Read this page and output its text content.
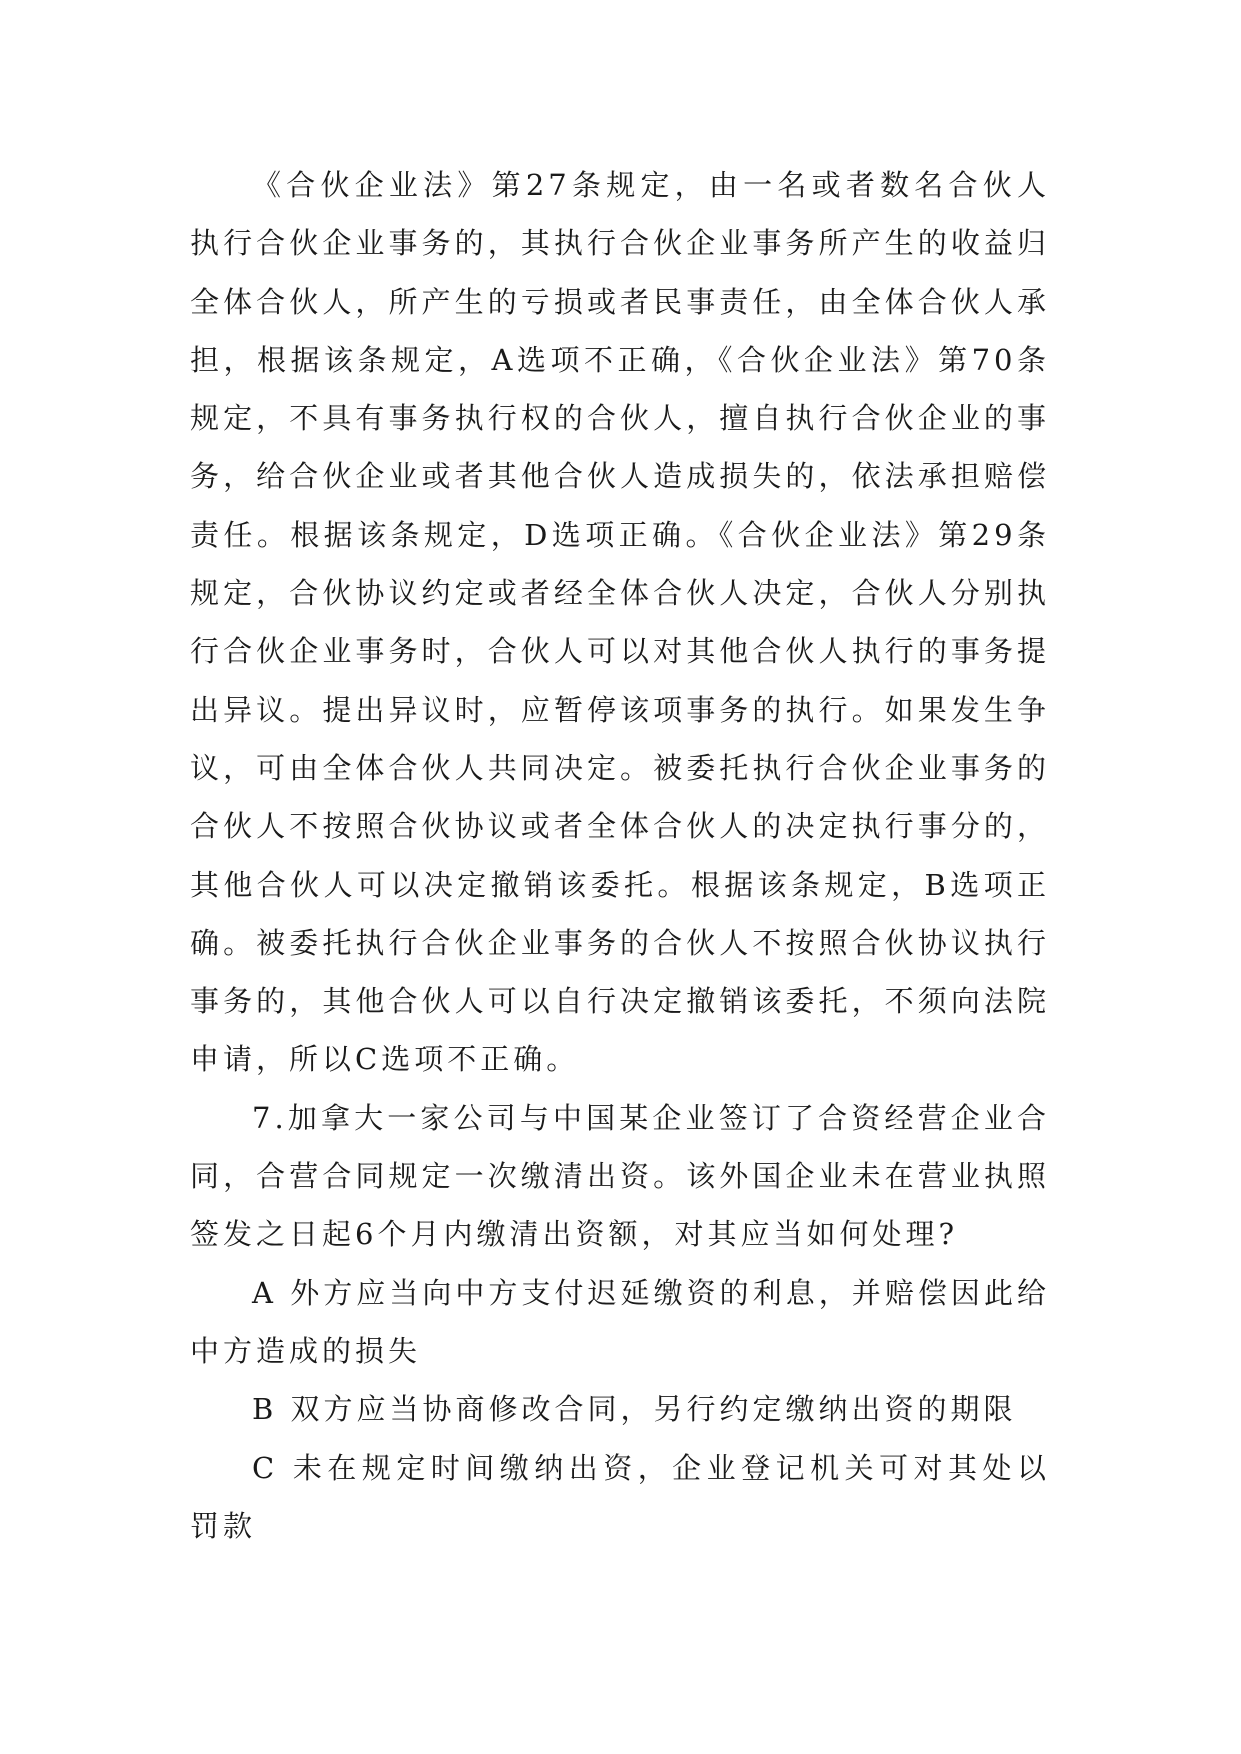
《合伙企业法》第27条规定，由一名或者数名合伙人执行合伙企业事务的，其执行合伙企业事务所产生的收益归全体合伙人，所产生的亏损或者民事责任，由全体合伙人承担，根据该条规定，A选项不正确，《合伙企业法》第70条规定，不具有事务执行权的合伙人，擅自执行合伙企业的事务，给合伙企业或者其他合伙人造成损失的，依法承担赔偿责任。根据该条规定，D选项正确。《合伙企业法》第29条规定，合伙协议约定或者经全体合伙人决定，合伙人分别执行合伙企业事务时，合伙人可以对其他合伙人执行的事务提出异议。提出异议时，应暂停该项事务的执行。如果发生争议，可由全体合伙人共同决定。被委托执行合伙企业事务的合伙人不按照合伙协议或者全体合伙人的决定执行事分的，其他合伙人可以决定撤销该委托。根据该条规定，B选项正确。被委托执行合伙企业事务的合伙人不按照合伙协议执行事务的，其他合伙人可以自行决定撤销该委托，不须向法院申请，所以C选项不正确。

7.加拿大一家公司与中国某企业签订了合资经营企业合同，合营合同规定一次缴清出资。该外国企业未在营业执照签发之日起6个月内缴清出资额，对其应当如何处理?

A 外方应当向中方支付迟延缴资的利息，并赔偿因此给中方造成的损失

B 双方应当协商修改合同，另行约定缴纳出资的期限

C 未在规定时间缴纳出资，企业登记机关可对其处以罚款
